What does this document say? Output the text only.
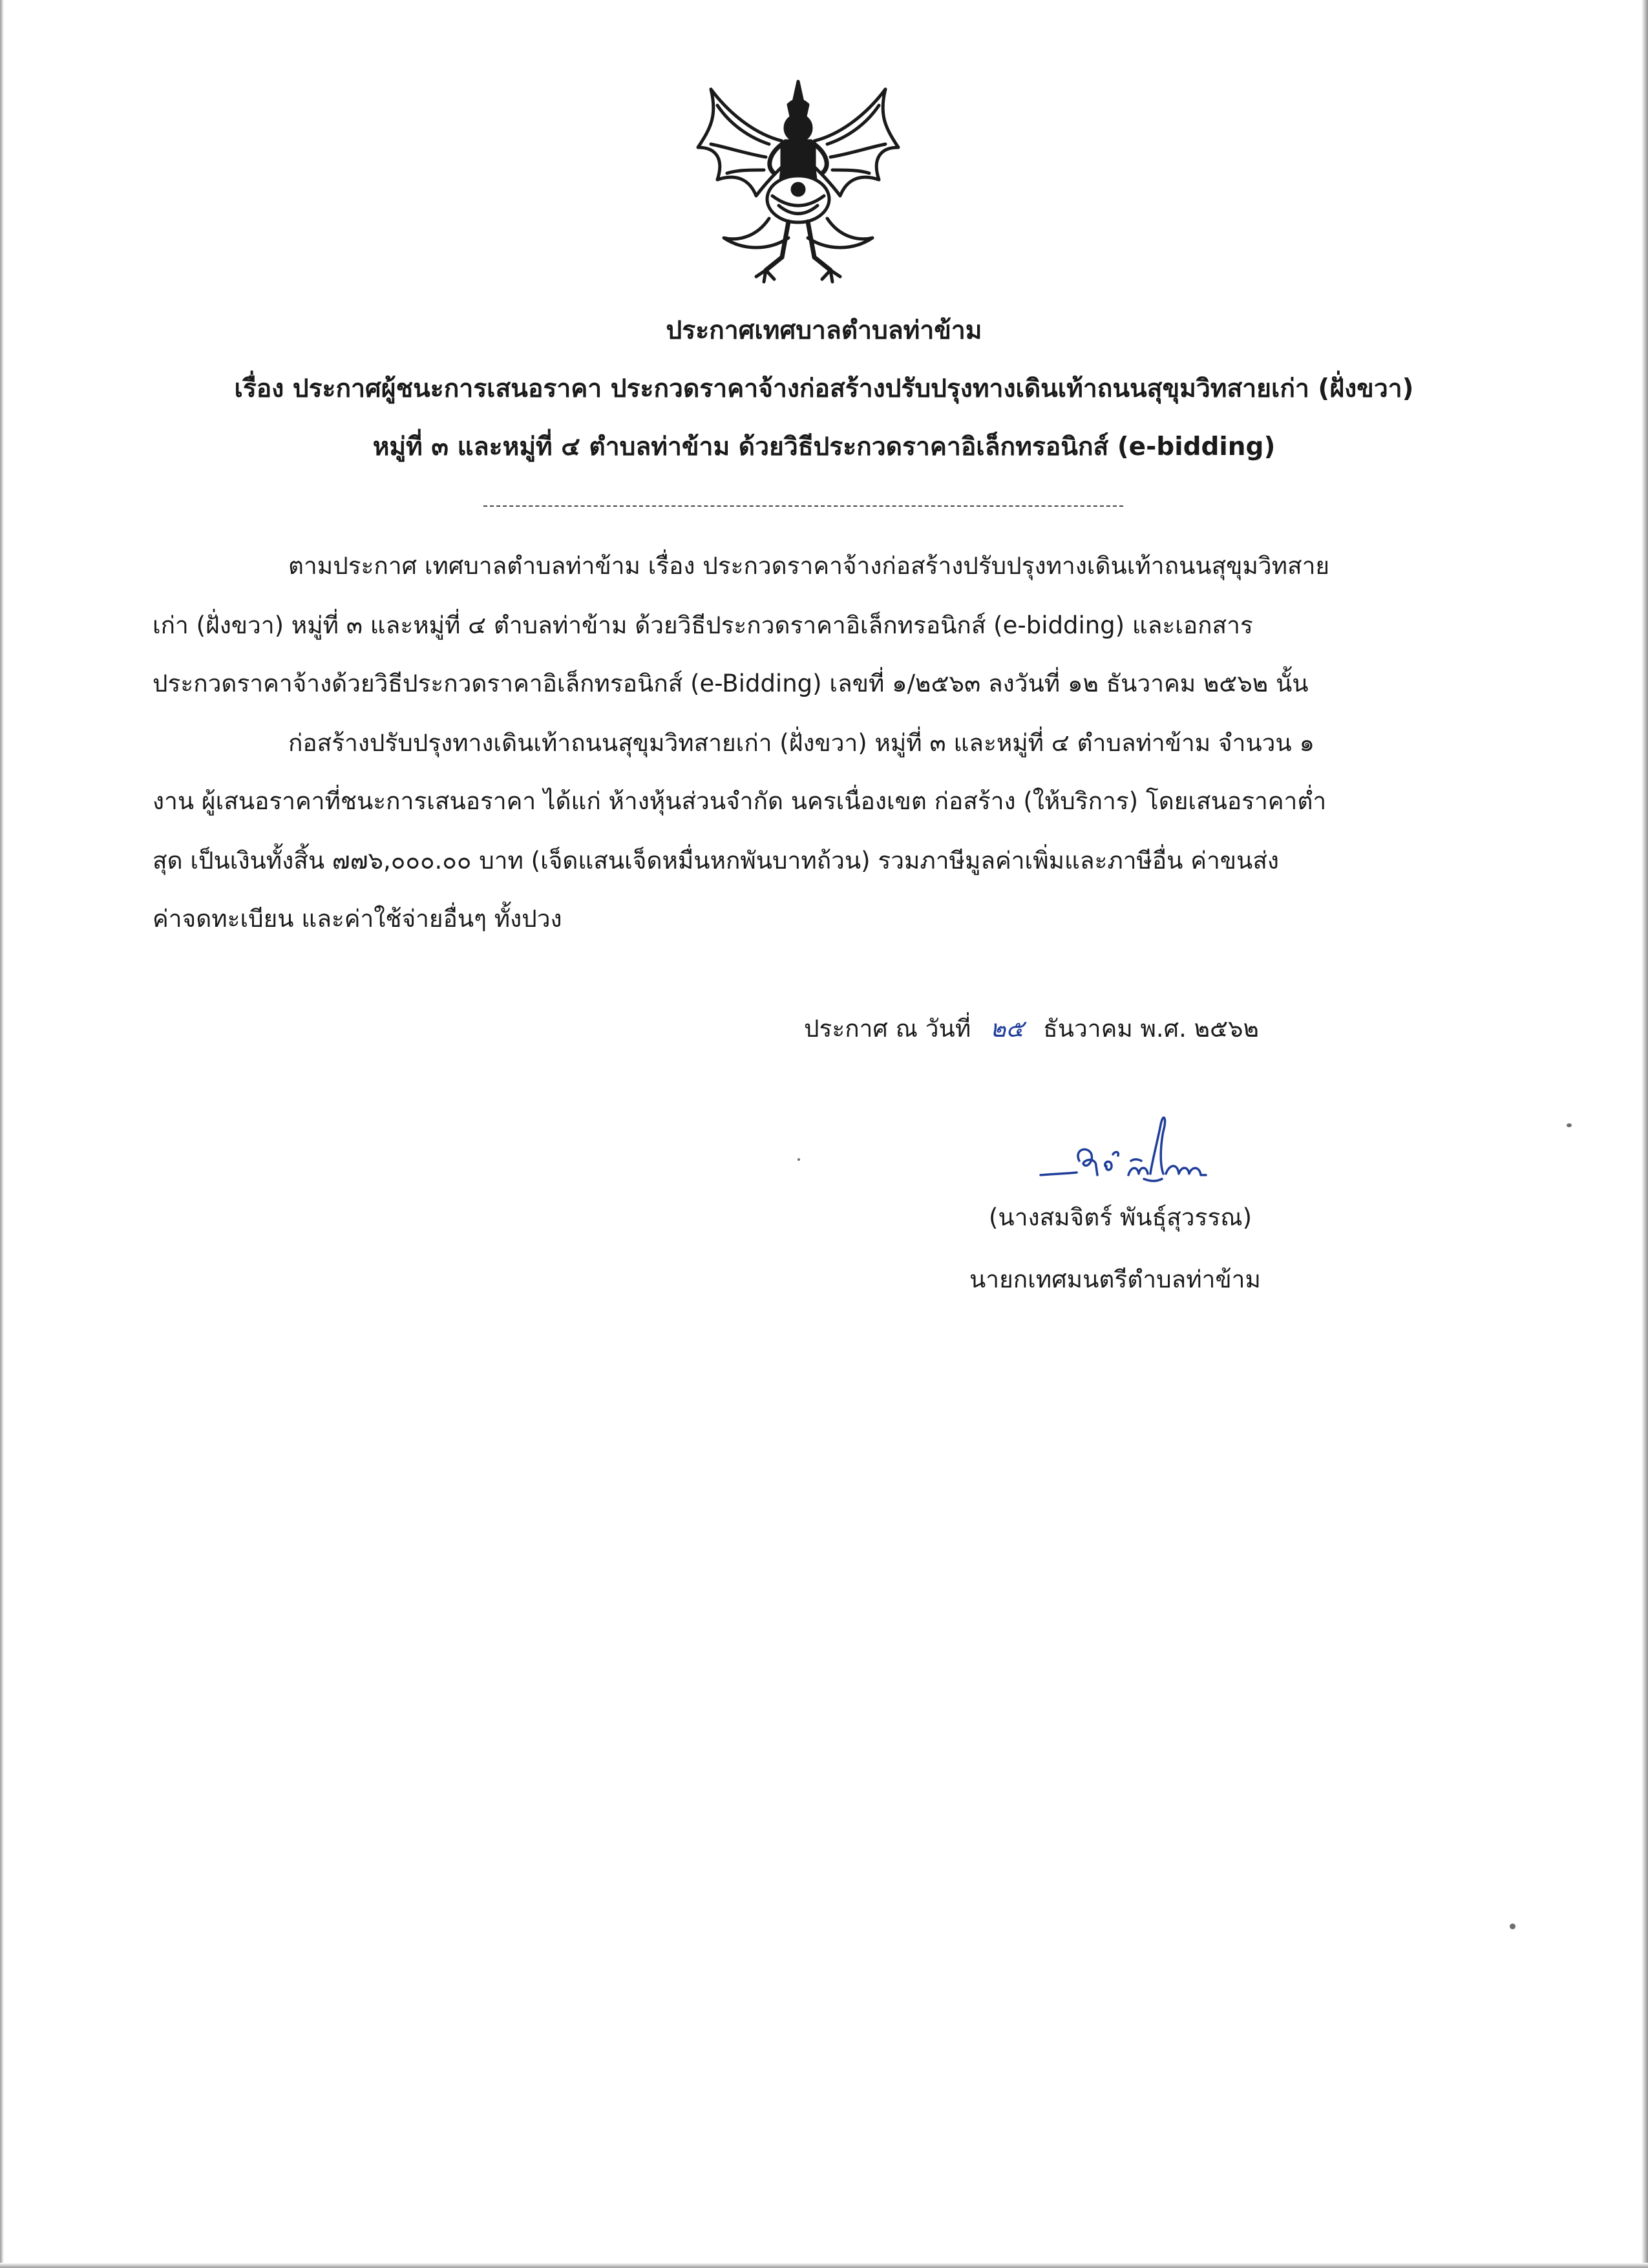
ประกาศเทศบาลตำบลท่าข้าม
เรื่อง ประกาศผู้ชนะการเสนอราคา ประกวดราคาจ้างก่อสร้างปรับปรุงทางเดินเท้าถนนสุขุมวิทสายเก่า (ฝั่งขวา)
หมู่ที่ ๓ และหมู่ที่ ๔ ตำบลท่าข้าม ด้วยวิธีประกวดราคาอิเล็กทรอนิกส์ (e-bidding)
ตามประกาศ เทศบาลตำบลท่าข้าม เรื่อง ประกวดราคาจ้างก่อสร้างปรับปรุงทางเดินเท้าถนนสุขุมวิทสาย
เก่า (ฝั่งขวา) หมู่ที่ ๓ และหมู่ที่ ๔ ตำบลท่าข้าม ด้วยวิธีประกวดราคาอิเล็กทรอนิกส์ (e-bidding) และเอกสาร
ประกวดราคาจ้างด้วยวิธีประกวดราคาอิเล็กทรอนิกส์ (e-Bidding) เลขที่ ๑/๒๕๖๓ ลงวันที่ ๑๒ ธันวาคม ๒๕๖๒ นั้น
ก่อสร้างปรับปรุงทางเดินเท้าถนนสุขุมวิทสายเก่า (ฝั่งขวา) หมู่ที่ ๓ และหมู่ที่ ๔ ตำบลท่าข้าม จำนวน ๑
งาน ผู้เสนอราคาที่ชนะการเสนอราคา ได้แก่ ห้างหุ้นส่วนจำกัด นครเนื่องเขต ก่อสร้าง (ให้บริการ) โดยเสนอราคาต่ำ
สุด เป็นเงินทั้งสิ้น ๗๗๖,๐๐๐.๐๐ บาท (เจ็ดแสนเจ็ดหมื่นหกพันบาทถ้วน) รวมภาษีมูลค่าเพิ่มและภาษีอื่น ค่าขนส่ง
ค่าจดทะเบียน และค่าใช้จ่ายอื่นๆ ทั้งปวง
ประกาศ ณ วันที่ ๒๕ ธันวาคม พ.ศ. ๒๕๖๒
(นางสมจิตร์ พันธุ์สุวรรณ)
นายกเทศมนตรีตำบลท่าข้าม
